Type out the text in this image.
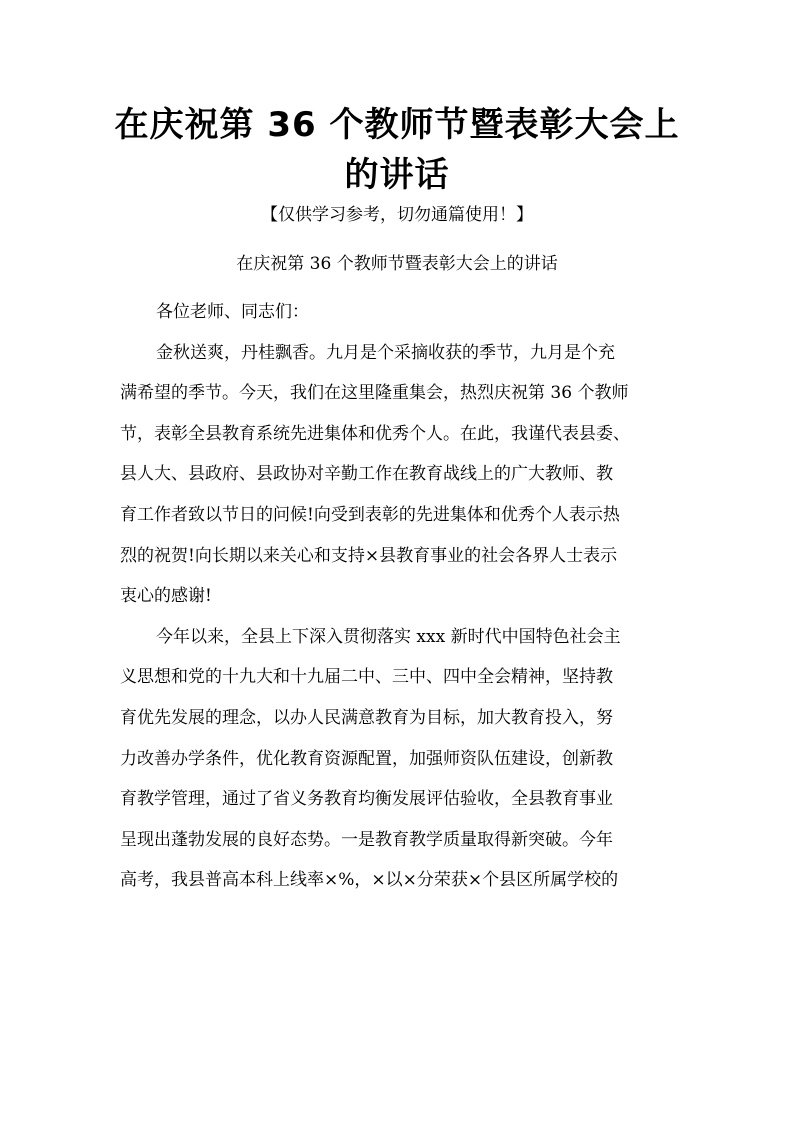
在庆祝第 36 个教师节暨表彰大会上
的讲话

【仅供学习参考，切勿通篇使用！】

在庆祝第 36 个教师节暨表彰大会上的讲话

各位老师、同志们：
金秋送爽，丹桂飘香。九月是个采摘收获的季节，九月是个充
满希望的季节。今天，我们在这里隆重集会，热烈庆祝第 36 个教师
节，表彰全县教育系统先进集体和优秀个人。在此，我谨代表县委、
县人大、县政府、县政协对辛勤工作在教育战线上的广大教师、教
育工作者致以节日的问候!向受到表彰的先进集体和优秀个人表示热
烈的祝贺!向长期以来关心和支持×县教育事业的社会各界人士表示
衷心的感谢!
今年以来，全县上下深入贯彻落实 xxx 新时代中国特色社会主
义思想和党的十九大和十九届二中、三中、四中全会精神，坚持教
育优先发展的理念，以办人民满意教育为目标，加大教育投入，努
力改善办学条件，优化教育资源配置，加强师资队伍建设，创新教
育教学管理，通过了省义务教育均衡发展评估验收，全县教育事业
呈现出蓬勃发展的良好态势。一是教育教学质量取得新突破。今年
高考，我县普高本科上线率×%，×以×分荣获×个县区所属学校的
